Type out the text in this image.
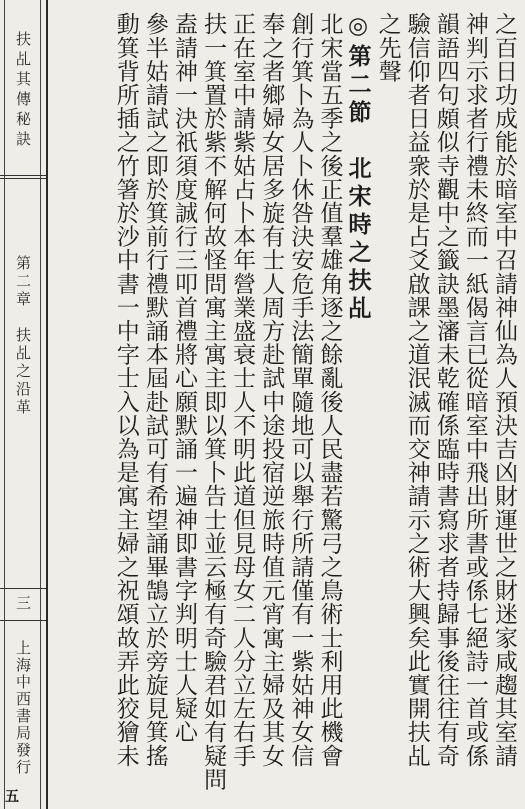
扶乩其傳秘訣
第二章　扶乩之沿革
三
上海中西書局發行
五
之百日功成能於暗室中召請神仙為人預決吉凶財運世之財迷家咸趨其室請
神判示求者行禮未終而一紙偈言已從暗室中飛出所書或係七絕詩一首或係
韻語四句頗似寺觀中之籤訣墨瀋未乾確係臨時書寫求者持歸事後往往有奇
驗信仰者日益衆於是占爻啟課之道泯滅而交神請示之術大興矣此實開扶乩
之先聲
◎第二節　北宋時之扶乩
北宋當五季之後正值羣雄角逐之餘亂後人民盡若驚弓之鳥術士利用此機會
創行箕卜為人卜休咎決安危手法簡單隨地可以舉行所請僅有一紫姑神女信
奉之者鄉婦女居多旋有士人周方赴試中途投宿逆旅時值元宵寓主婦及其女
正在室中請紫姑占卜本年營業盛衰士人不明此道但見母女二人分立左右手
扶一箕置於紫不解何故怪問寓主寓主即以箕卜告士並云極有奇驗君如有疑問
盍請神一決祇須度誠行三叩首禮將心願默誦一遍神即書字判明士人疑心
參半姑請試之即於箕前行禮默誦本屆赴試可有希望誦畢鵠立於旁旋見箕搖
動箕背所插之竹箸於沙中書一中字士入以為是寓主婦之祝頌故弄此狡獪未
